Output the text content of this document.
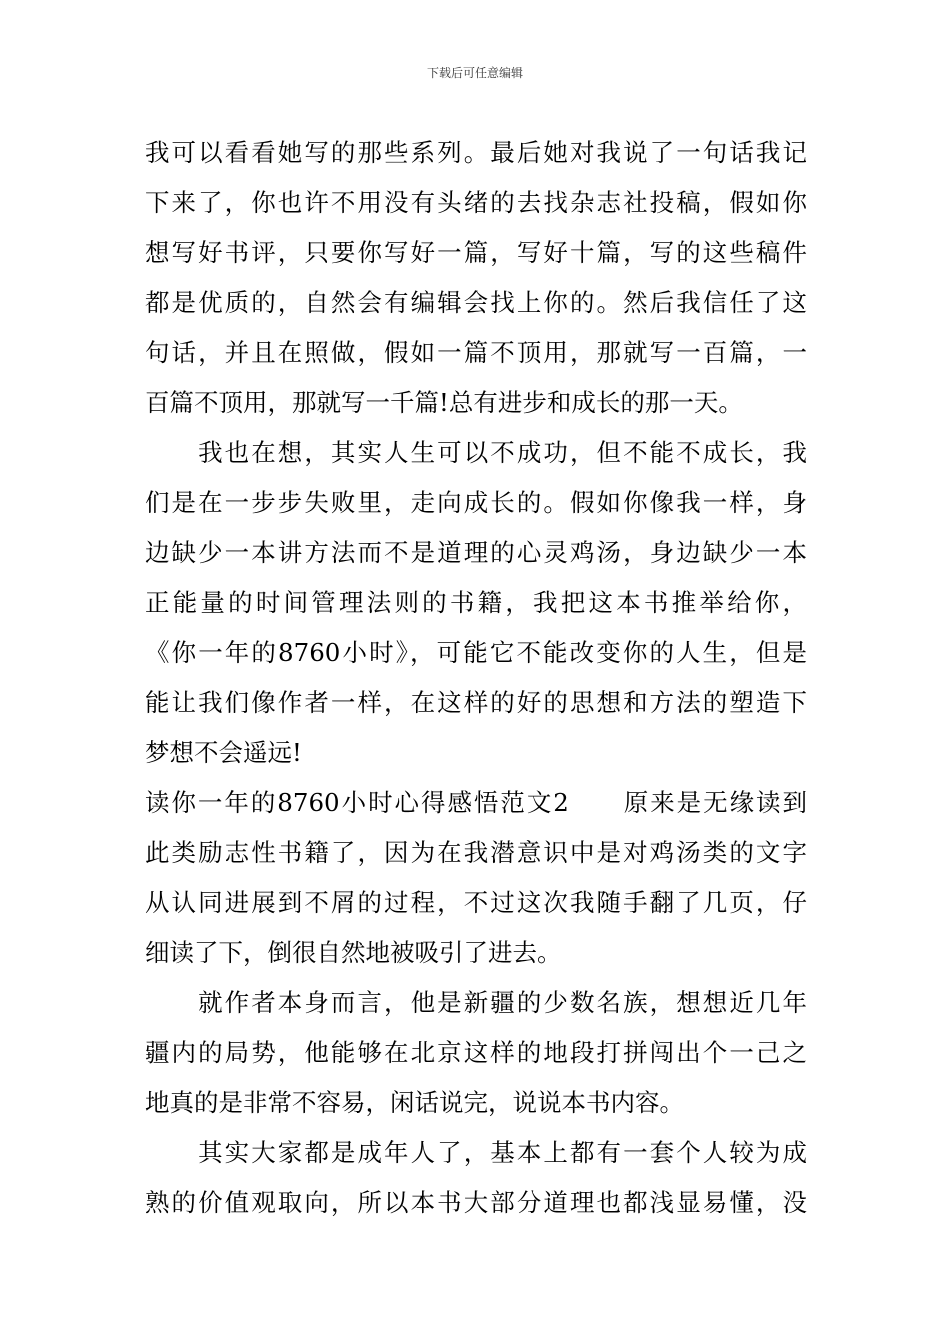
下载后可任意编辑
我可以看看她写的那些系列。最后她对我说了一句话我记
下来了，你也许不用没有头绪的去找杂志社投稿，假如你
想写好书评，只要你写好一篇，写好十篇，写的这些稿件
都是优质的，自然会有编辑会找上你的。然后我信任了这
句话，并且在照做，假如一篇不顶用，那就写一百篇，一
百篇不顶用，那就写一千篇!总有进步和成长的那一天。
　　我也在想，其实人生可以不成功，但不能不成长，我
们是在一步步失败里，走向成长的。假如你像我一样，身
边缺少一本讲方法而不是道理的心灵鸡汤，身边缺少一本
正能量的时间管理法则的书籍，我把这本书推举给你，
《你一年的8760小时》，可能它不能改变你的人生，但是
能让我们像作者一样，在这样的好的思想和方法的塑造下
梦想不会遥远!
读你一年的8760小时心得感悟范文2　　原来是无缘读到
此类励志性书籍了，因为在我潜意识中是对鸡汤类的文字
从认同进展到不屑的过程，不过这次我随手翻了几页，仔
细读了下，倒很自然地被吸引了进去。
　　就作者本身而言，他是新疆的少数名族，想想近几年
疆内的局势，他能够在北京这样的地段打拼闯出个一己之
地真的是非常不容易，闲话说完，说说本书内容。
　　其实大家都是成年人了，基本上都有一套个人较为成
熟的价值观取向，所以本书大部分道理也都浅显易懂，没
